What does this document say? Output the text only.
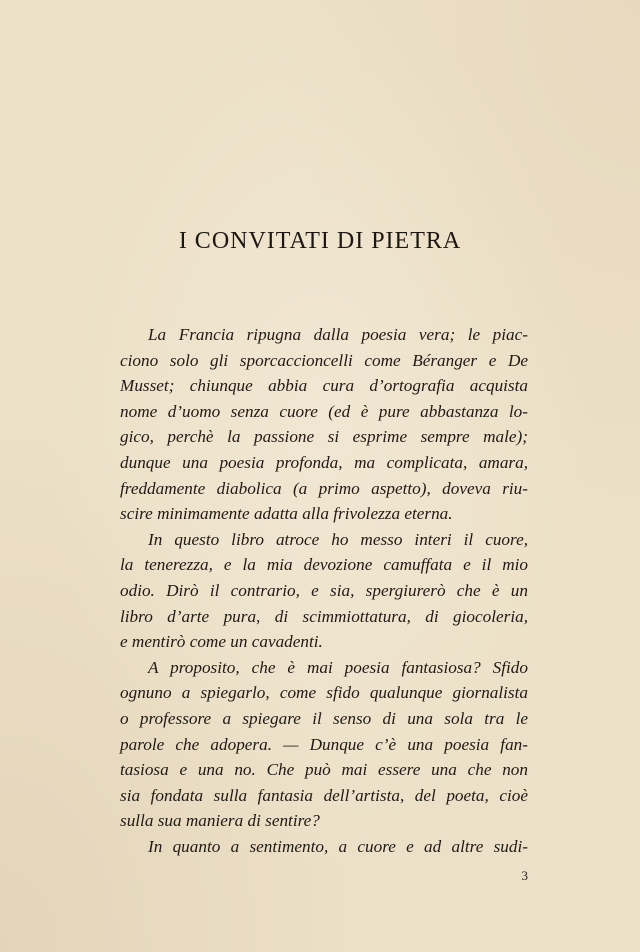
I CONVITATI DI PIETRA

La Francia ripugna dalla poesia vera; le piac-
ciono solo gli sporcaccioncelli come Béranger e De
Musset; chiunque abbia cura d’ortografia acquista
nome d’uomo senza cuore (ed è pure abbastanza lo-
gico, perchè la passione si esprime sempre male);
dunque una poesia profonda, ma complicata, amara,
freddamente diabolica (a primo aspetto), doveva riu-
scire minimamente adatta alla frivolezza eterna.

In questo libro atroce ho messo interi il cuore,
la tenerezza, e la mia devozione camuffata e il mio
odio. Dirò il contrario, e sia, spergiurerò che è un
libro d’arte pura, di scimmiottatura, di giocoleria,
e mentirò come un cavadenti.

A proposito, che è mai poesia fantasiosa? Sfido
ognuno a spiegarlo, come sfido qualunque giornalista
o professore a spiegare il senso di una sola tra le
parole che adopera. — Dunque c’è una poesia fan-
tasiosa e una no. Che può mai essere una che non
sia fondata sulla fantasia dell’artista, del poeta, cioè
sulla sua maniera di sentire?

In quanto a sentimento, a cuore e ad altre sudi-

3
